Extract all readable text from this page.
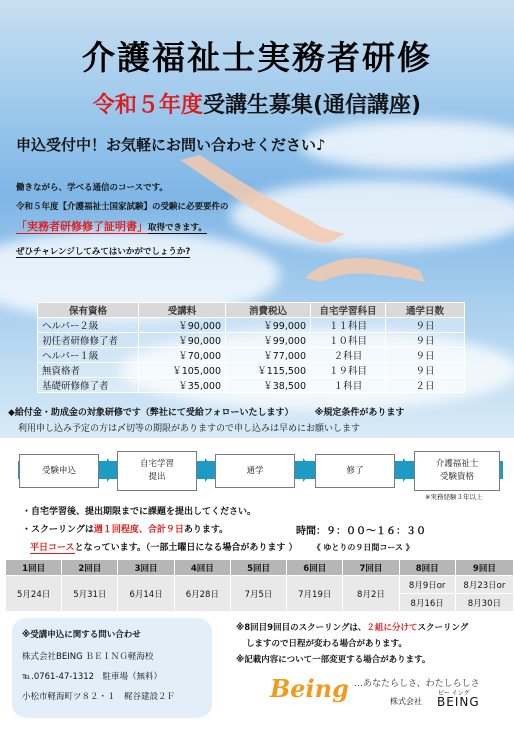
介護福祉士実務者研修
令和５年度受講生募集(通信講座)
申込受付中！お気軽にお問い合わせください♪
働きながら、学べる通信のコースです。
令和５年度【介護福祉士国家試験】の受験に必要要件の
「実務者研修修了証明書」取得できます。
ぜひチャレンジしてみてはいかがでしょうか?
保有資格	受講料	消費税込	自宅学習科目	通学日数
ヘルパー２級	￥90,000	￥99,000	１１科目	９日
初任者研修修了者	￥90,000	￥99,000	１０科目	９日
ヘルパー１級	￥70,000	￥77,000	２科目	９日
無資格者	￥105,000	￥115,500	１９科目	９日
基礎研修修了者	￥35,000	￥38,500	１科目	２日
◆給付金・助成金の対象研修です（弊社にて受給フォローいたします） ※規定条件があります
利用申し込み予定の方は〆切等の期限がありますので申し込みは早めにお願いします
受験申込
自宅学習
提出
通学	修了
介護福祉士
受験資格
※実務経験３年以上
・自宅学習後、提出期限までに課題を提出してください。
・スクーリングは週１回程度、合計９日あります。	時間：９：００〜１６：３０
平日コースとなっています。（一部土曜日になる場合があります ） 《 ゆとりの９日間コース 》
1回目	2回目	3回目	4回目	5回目	6回目	7回目	8回目	9回目
5月24日	5月31日	6月14日	6月28日	7月5日	7月19日	8月2日	8月9日or	8月23日or
							8月16日	8月30日
※受講申込に関する問い合わせ
株式会社BEING ＢＥＩＮＧ軽海校
℡.0761-47-1312　駐車場（無料）
小松市軽海町ツ８２・１　梶谷建設２Ｆ
※8回目9回目のスクーリングは、２組に分けてスクーリング
しますので日程が変わる場合があります。
※記載内容について一部変更する場合があります。
Being …あなたらしさ、わたしらしさ
株式会社
ビー イング
BEING
